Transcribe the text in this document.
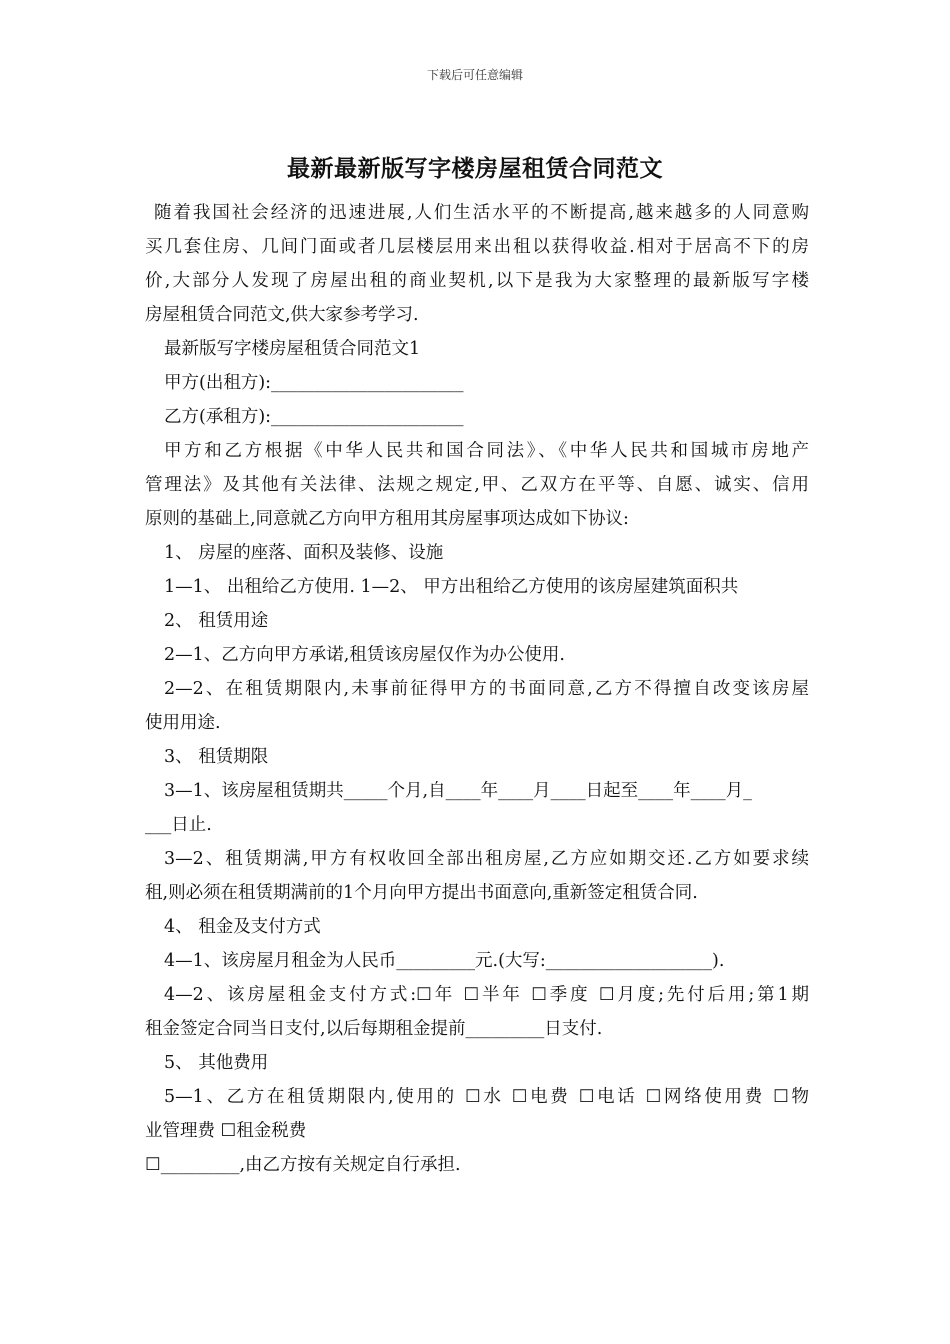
下载后可任意编辑
最新最新版写字楼房屋租赁合同范文
随着我国社会经济的迅速进展,人们生活水平的不断提高,越来越多的人同意购
买几套住房、几间门面或者几层楼层用来出租以获得收益.相对于居高不下的房
价,大部分人发现了房屋出租的商业契机,以下是我为大家整理的最新版写字楼
房屋租赁合同范文,供大家参考学习.
最新版写字楼房屋租赁合同范文1
甲方(出租方):______________________
乙方(承租方):______________________
甲方和乙方根据《中华人民共和国合同法》、《中华人民共和国城市房地产
管理法》及其他有关法律、法规之规定,甲、乙双方在平等、自愿、诚实、信用
原则的基础上,同意就乙方向甲方租用其房屋事项达成如下协议:
1、 房屋的座落、面积及装修、设施
1—1、 出租给乙方使用. 1—2、 甲方出租给乙方使用的该房屋建筑面积共
2、 租赁用途
2—1、乙方向甲方承诺,租赁该房屋仅作为办公使用.
2—2、在租赁期限内,未事前征得甲方的书面同意,乙方不得擅自改变该房屋
使用用途.
3、 租赁期限
3—1、该房屋租赁期共_____个月,自____年____月____日起至____年____月_
___日止.
3—2、租赁期满,甲方有权收回全部出租房屋,乙方应如期交还.乙方如要求续
租,则必须在租赁期满前的1个月向甲方提出书面意向,重新签定租赁合同.
4、 租金及支付方式
4—1、该房屋月租金为人民币_________元.(大写:___________________).
4—2、该房屋租金支付方式:☐年 ☐半年 ☐季度 ☐月度;先付后用;第1期
租金签定合同当日支付,以后每期租金提前_________日支付.
5、 其他费用
5—1、乙方在租赁期限内,使用的 ☐水 ☐电费 ☐电话 ☐网络使用费 ☐物
业管理费 ☐租金税费
☐_________,由乙方按有关规定自行承担.
